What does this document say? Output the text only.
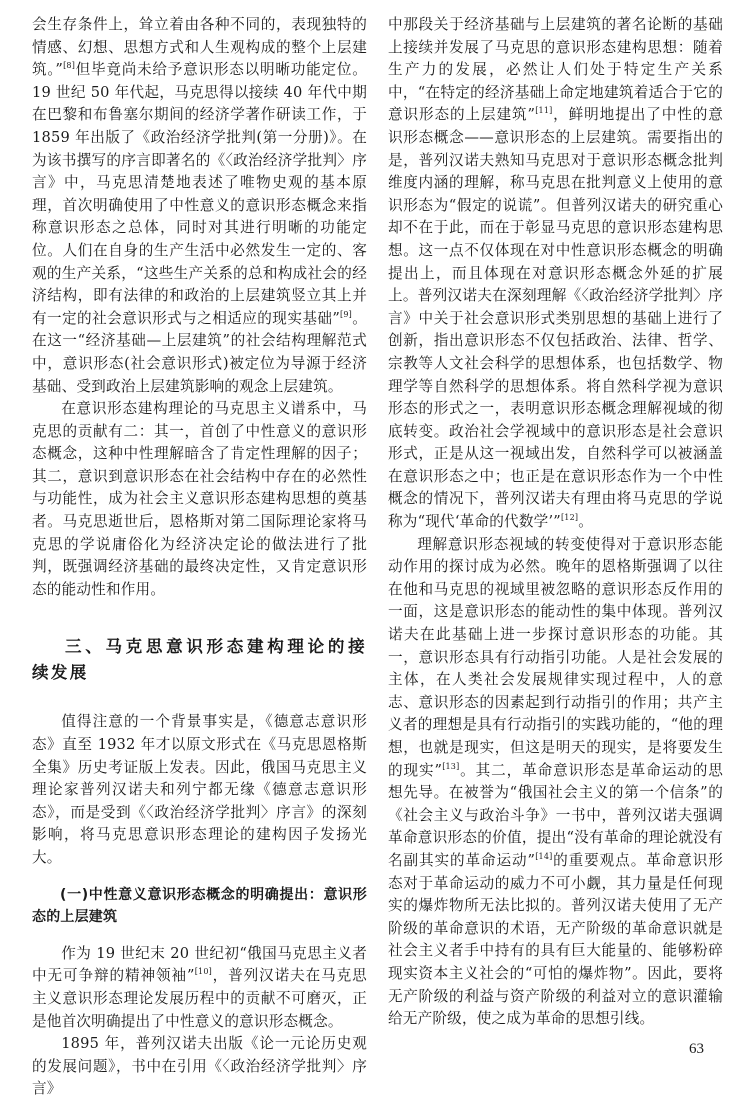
会生存条件上，耸立着由各种不同的，表现独特的情感、幻想、思想方式和人生观构成的整个上层建筑。”[8]但毕竟尚未给予意识形态以明晰功能定位。19 世纪 50 年代起，马克思得以接续 40 年代中期在巴黎和布鲁塞尔期间的经济学著作研读工作，于 1859 年出版了《政治经济学批判(第一分册)》。在为该书撰写的序言即著名的《〈政治经济学批判〉序言》中，马克思清楚地表述了唯物史观的基本原理，首次明确使用了中性意义的意识形态概念来指称意识形态之总体，同时对其进行明晰的功能定位。人们在自身的生产生活中必然发生一定的、客观的生产关系，“这些生产关系的总和构成社会的经济结构，即有法律的和政治的上层建筑竖立其上并有一定的社会意识形式与之相适应的现实基础”[9]。在这一“经济基础—上层建筑”的社会结构理解范式中，意识形态(社会意识形式)被定位为导源于经济基础、受到政治上层建筑影响的观念上层建筑。

在意识形态建构理论的马克思主义谱系中，马克思的贡献有二：其一，首创了中性意义的意识形态概念，这种中性理解暗含了肯定性理解的因子；其二，意识到意识形态在社会结构中存在的必然性与功能性，成为社会主义意识形态建构思想的奠基者。马克思逝世后，恩格斯对第二国际理论家将马克思的学说庸俗化为经济决定论的做法进行了批判，既强调经济基础的最终决定性，又肯定意识形态的能动性和作用。

三、马克思意识形态建构理论的接续发展

值得注意的一个背景事实是，《德意志意识形态》直至 1932 年才以原文形式在《马克思恩格斯全集》历史考证版上发表。因此，俄国马克思主义理论家普列汉诺夫和列宁都无缘《德意志意识形态》，而是受到《〈政治经济学批判〉序言》的深刻影响，将马克思意识形态理论的建构因子发扬光大。

(一)中性意义意识形态概念的明确提出：意识形态的上层建筑

作为 19 世纪末 20 世纪初“俄国马克思主义者中无可争辩的精神领袖”[10]，普列汉诺夫在马克思主义意识形态理论发展历程中的贡献不可磨灭，正是他首次明确提出了中性意义的意识形态概念。

1895 年，普列汉诺夫出版《论一元论历史观的发展问题》，书中在引用《〈政治经济学批判〉序言》

中那段关于经济基础与上层建筑的著名论断的基础上接续并发展了马克思的意识形态建构思想：随着生产力的发展，必然让人们处于特定生产关系中，“在特定的经济基础上命定地建筑着适合于它的意识形态的上层建筑”[11]，鲜明地提出了中性的意识形态概念——意识形态的上层建筑。需要指出的是，普列汉诺夫熟知马克思对于意识形态概念批判维度内涵的理解，称马克思在批判意义上使用的意识形态为“假定的说谎”。但普列汉诺夫的研究重心却不在于此，而在于彰显马克思的意识形态建构思想。这一点不仅体现在对中性意识形态概念的明确提出上，而且体现在对意识形态概念外延的扩展上。普列汉诺夫在深刻理解《〈政治经济学批判〉序言》中关于社会意识形式类别思想的基础上进行了创新，指出意识形态不仅包括政治、法律、哲学、宗教等人文社会科学的思想体系，也包括数学、物理学等自然科学的思想体系。将自然科学视为意识形态的形式之一，表明意识形态概念理解视域的彻底转变。政治社会学视域中的意识形态是社会意识形式，正是从这一视域出发，自然科学可以被涵盖在意识形态之中；也正是在意识形态作为一个中性概念的情况下，普列汉诺夫有理由将马克思的学说称为“现代‘革命的代数学’”[12]。

理解意识形态视域的转变使得对于意识形态能动作用的探讨成为必然。晚年的恩格斯强调了以往在他和马克思的视域里被忽略的意识形态反作用的一面，这是意识形态的能动性的集中体现。普列汉诺夫在此基础上进一步探讨意识形态的功能。其一，意识形态具有行动指引功能。人是社会发展的主体，在人类社会发展规律实现过程中，人的意志、意识形态的因素起到行动指引的作用；共产主义者的理想是具有行动指引的实践功能的，“他的理想，也就是现实，但这是明天的现实，是将要发生的现实”[13]。其二，革命意识形态是革命运动的思想先导。在被誉为“俄国社会主义的第一个信条”的《社会主义与政治斗争》一书中，普列汉诺夫强调革命意识形态的价值，提出“没有革命的理论就没有名副其实的革命运动”[14]的重要观点。革命意识形态对于革命运动的威力不可小觑，其力量是任何现实的爆炸物所无法比拟的。普列汉诺夫使用了无产阶级的革命意识的术语，无产阶级的革命意识就是社会主义者手中持有的具有巨大能量的、能够粉碎现实资本主义社会的“可怕的爆炸物”。因此，要将无产阶级的利益与资产阶级的利益对立的意识灌输给无产阶级，使之成为革命的思想引线。

63
